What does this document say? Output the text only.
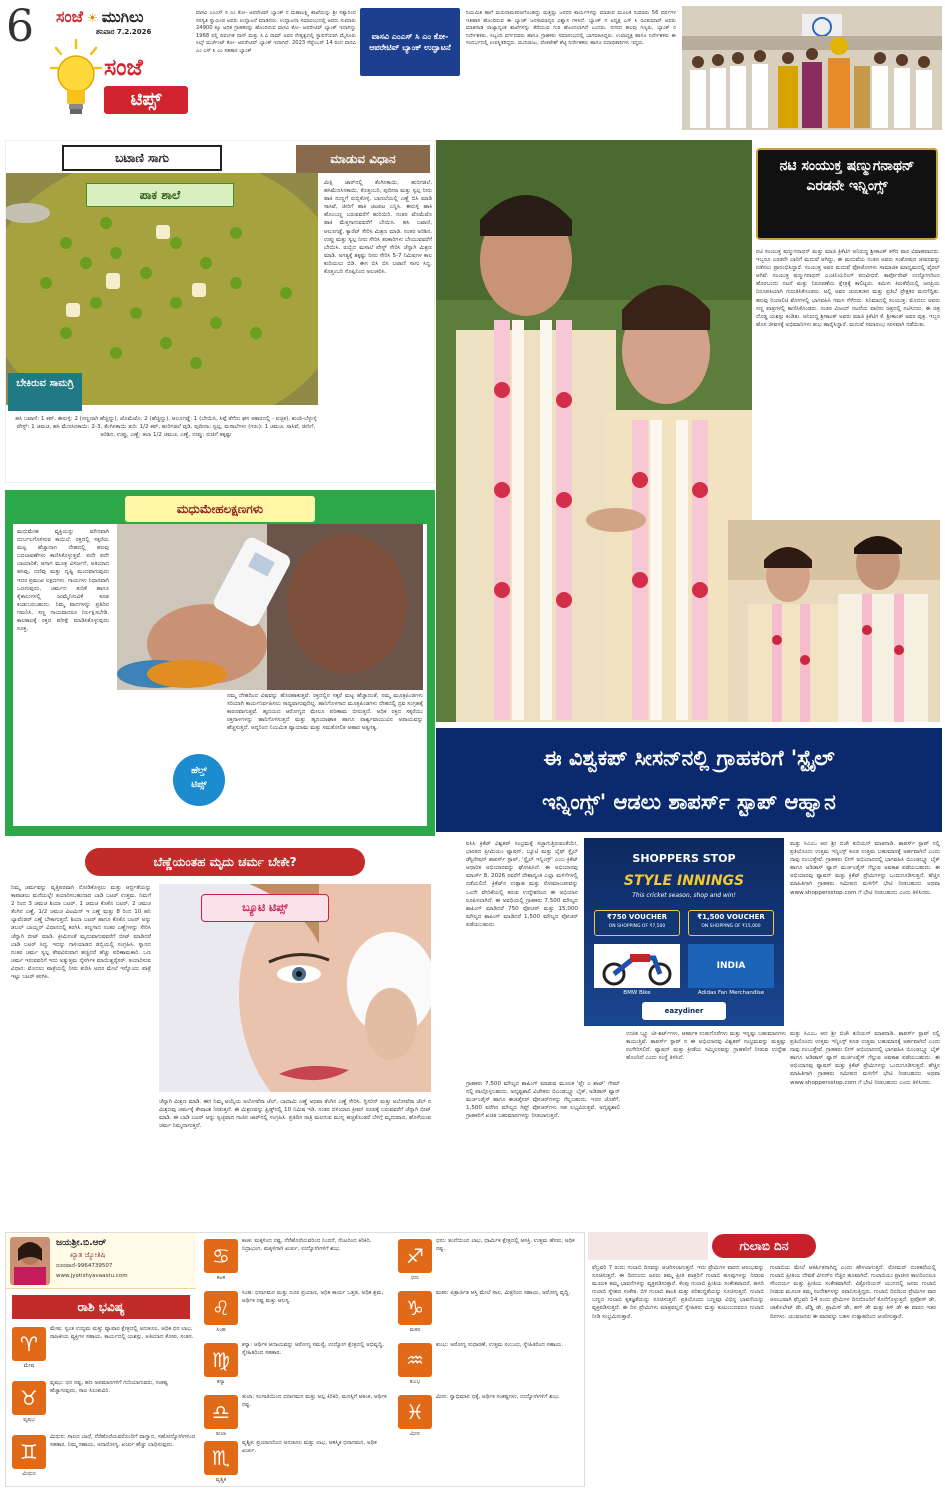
6 ಸಂಜೆ ☀ ಮುಗಿಲು
ಶನಿವಾರ 7.2.2026
ಸಂಜೆ
ಟಿಪ್ಸ್
ವಾಸವಿ ಎಂಎಸ್ ಸಿ ಎಂ ಕೋ- ಆಪರೇಟಿವ್ ಬ್ಯಾಂಕ್ ನ ಮಹಾಲಕ್ಷ್ಮಿ ಶಾಖೆಯನ್ನು ಶ್ರೀ ಸತ್ಯಾನಂದ ಸರಸ್ವತಿ ಸ್ವಾಮೀಜಿ ಅವರು ಉದ್ಘಾಟನೆ ಮಾಡಿದರು. ಉದ್ಘಾಟನಾ ಸಮಾರಂಭದಲ್ಲಿ ಆವರು ಸುಮಾರು 24900 ಕ್ಕೂ ಅಧಿಕ ಗ್ರಾಹಕರನ್ನು ಹೊಂದಿರುವ ವಾಸವಿ ಕೋ- ಆಪರೇಟಿವ್ ಬ್ಯಾಂಕ್ ಇದಾಗಿದ್ದು 1968 ರಲ್ಲಿ ದಿವಂಗತ ದಾಸ್ ಮತ್ತು ಸಿ.ವಿ ರಾಮ್ ಅವರ ನೇತೃತ್ವದಲ್ಲಿ ಸ್ಥಾಪನೆಯಾಗಿ ಮೈಸೂರು ಸಿಲ್ಕ್ ಮರ್ಚೆಂಟ್ ಕೋ- ಆಪರೇಟಿವ್ ಬ್ಯಾಂಕ್ ಇದಾಗಿದೆ. 2023 ಸೆಪ್ಟೆಂಬರ್ 14 ರಿಂದ ವಾಸವಿ ಎಂ ಎಸ್ ಸಿ ಎಂ ಸಹಕಾರ ಬ್ಯಾಂಕ್
ವಾಸವಿ ಎಂಎಸ್ ಸಿ ಎಂ ಕೋ- ಆಪರೇಟಿವ್ ಬ್ಯಾಂಕ್ ಉದ್ಘಾಟನೆ
ನಿಯಮಿತ ಹಾಗೆ ಮರುನಾಮಕರಣಗೊಂಡಿದ್ದು ಮತ್ತಷ್ಟು ಜನಪರ ಕಾರ್ಯಗಳನ್ನು ಮಾಡುವ ಮೂಲಕ ಸುಮಾರು 56 ವರ್ಷಗಳ ಇತಿಹಾಸ ಹೊಂದಿರುವ ಈ ಬ್ಯಾಂಕ್ ಜನಸಾಮಾನ್ಯರ ವಿಶ್ವಾಸ ಗಳಿಸಿದೆ. ಬ್ಯಾಂಕ್ ನ ಅಧ್ಯಕ್ಷ ಎಸ್ ಸಿ ರವಿಕುಮಾರ್ ಅವರು ಮಾತನಾಡಿ ರಾಜ್ಯಾದ್ಯಂತ ಶಾಖೆಗಳನ್ನು ತೆರೆಯುವ ಗುರಿ ಹೊಂದಲಾಗಿದೆ ಎಂದರು. ನಗರದ ಹಲವು ಗಣ್ಯರು, ಬ್ಯಾಂಕ್ ನ ನಿರ್ದೇಶಕರು, ಸಿಬ್ಬಂದಿ ವರ್ಗದವರು ಹಾಗೂ ಗ್ರಾಹಕರು ಸಮಾರಂಭದಲ್ಲಿ ಭಾಗವಹಿಸಿದ್ದರು. ಉಪಾಧ್ಯಕ್ಷ ಹಾಗೂ ನಿರ್ದೇಶಕರು ಈ ಸಂದರ್ಭದಲ್ಲಿ ಉಪಸ್ಥಿತರಿದ್ದರು. ಮುನಿರಾಜು, ವೆಂಕಟೇಶ್ ಶೆಟ್ಟಿ ನಿರ್ದೇಶಕರು ಹಾಗೂ ಪದಾಧಿಕಾರಿಗಳು ಇದ್ದರು.
ಬಟಾಣಿ ಸಾಗು	ಮಾಡುವ ವಿಧಾನ
ಪಾಕ ಶಾಲೆ
ಬೇಕಿರುವ ಸಾಮಗ್ರಿ
ಮಿಕ್ಸಿ ಜಾರ್‌ನಲ್ಲಿ ತೆಂಗಿನಕಾಯಿ, ಹುರಿಗಡಲೆ, ಹಸಿಮೆಣಸಿನಕಾಯಿ, ಕೊತ್ತಂಬರಿ, ಪುದೀನಾ ಮತ್ತು ಸ್ವಲ್ಪ ನೀರು ಹಾಕಿ ನುಣ್ಣಗೆ ರುಬ್ಬಿಕೊಳ್ಳಿ. ಬಾಣಲೆಯಲ್ಲಿ ಎಣ್ಣೆ ಬಿಸಿ ಮಾಡಿ ಸಾಸಿವೆ, ಜೀರಿಗೆ ಹಾಕಿ ಚಟಪಟ ಎನ್ನಿಸಿ. ಈರುಳ್ಳಿ ಹಾಕಿ ಹೊಂಬಣ್ಣ ಬರುವವರೆಗೆ ಹುರಿಯಿರಿ. ನಂತರ ಟೊಮೆಟೊ ಹಾಕಿ ಮೆತ್ತಗಾಗುವವರೆಗೆ ಬೇಯಿಸಿ. ಹಸಿ ಬಟಾಣಿ, ಆಲೂಗಡ್ಡೆ, ಕ್ಯಾರೆಟ್ ಸೇರಿಸಿ ಮಿಶ್ರಣ ಮಾಡಿ. ನಂತರ ಅರಿಶಿನ, ಉಪ್ಪು ಮತ್ತು ಸ್ವಲ್ಪ ನೀರು ಸೇರಿಸಿ ತರಕಾರಿಗಳು ಬೇಯುವವರೆಗೆ ಬೇಯಿಸಿ. ರುಬ್ಬಿದ ಮಸಾಲೆ ಪೇಸ್ಟ್ ಸೇರಿಸಿ ಚೆನ್ನಾಗಿ ಮಿಶ್ರಣ ಮಾಡಿ. ಅಗತ್ಯಕ್ಕೆ ತಕ್ಕಷ್ಟು ನೀರು ಸೇರಿಸಿ 5-7 ನಿಮಿಷಗಳ ಕಾಲ ಕುದಿಯಲು ಬಿಡಿ. ಈಗ ಬಿಸಿ ಬಿಸಿ ಬಟಾಣಿ ಸಾಗು ಸಿದ್ಧ. ಕೊತ್ತಂಬರಿ ಸೊಪ್ಪಿನಿಂದ ಅಲಂಕರಿಸಿ.
ಹಸಿ ಬಟಾಣಿ: 1 ಕಪ್, ಈರುಳ್ಳಿ: 2 (ಸಣ್ಣದಾಗಿ ಹೆಚ್ಚಿದ್ದು), ಟೊಮೆಟೊ: 2 (ಹೆಚ್ಚಿದ್ದು), ಆಲೂಗಡ್ಡೆ: 1 (ಬೇಯಿಸಿ, ಸಿಪ್ಪೆ ತೆಗೆದು ಘನ ಆಕಾರದಲ್ಲಿ - ಐಚ್ಛಿಕ), ಶುಂಠಿ-ಬೆಳ್ಳುಳ್ಳಿ ಪೇಸ್ಟ್: 1 ಚಮಚ, ಹಸಿ ಮೆಣಸಿನಕಾಯಿ: 2-3, ತೆಂಗಿನಕಾಯಿ ತುರಿ: 1/2 ಕಪ್, ಹುರಿಗಡಲೆ ಪುಡಿ, ಪುದೀನಾ: ಸ್ವಲ್ಪ, ಮಸಾಲೆಗಳು (ಗರಂ): 1 ಚಮಚ, ಸಾಸಿವೆ, ಜೀರಿಗೆ, ಅರಿಶಿನ, ಉಪ್ಪು, ಎಣ್ಣೆ: ತಲಾ 1/2 ಚಮಚ, ಎಣ್ಣೆ, ಉಪ್ಪು: ರುಚಿಗೆ ತಕ್ಕಷ್ಟು
ಮಧುಮೇಹ ವ್ಯಕ್ತಿಯನ್ನು ಮೌನವಾಗಿ ದುರ್ಬಲಗೊಳಿಸುವ ಕಾಯಿಲೆ. ರಕ್ತದಲ್ಲಿ ಸಕ್ಕರೆಯ ಮಟ್ಟ ಹೆಚ್ಚಾದಾಗ ದೇಹದಲ್ಲಿ ಹಲವು ಬದಲಾವಣೆಗಳು ಕಾಣಿಸಿಕೊಳ್ಳುತ್ತವೆ. ಪದೇ ಪದೇ ಬಾಯಾರಿಕೆ, ಆಗಾಗ ಮೂತ್ರ ವಿಸರ್ಜನೆ, ಅತಿಯಾದ ಹಸಿವು, ದಣಿವು ಮತ್ತು ದೃಷ್ಟಿ ಮಂದವಾಗುವುದು ಇದರ ಪ್ರಮುಖ ಲಕ್ಷಣಗಳು. ಗಾಯಗಳು ನಿಧಾನವಾಗಿ ಒಣಗುವುದು, ಚರ್ಮದ ತುರಿಕೆ ಹಾಗೂ ಕೈಕಾಲುಗಳಲ್ಲಿ ಜುಮ್ಮೆನಿಸುವಿಕೆ ಕೂಡ ಕಂಡುಬರಬಹುದು. ನಿಮ್ಮ ಪಾದಗಳನ್ನು ಪ್ರತಿದಿನ ಗಮನಿಸಿ. ಸಣ್ಣ ಗಾಯವಾದರೂ ನಿರ್ಲಕ್ಷಿಸಬೇಡಿ. ಕಾಲಕಾಲಕ್ಕೆ ರಕ್ತದ ಪರೀಕ್ಷೆ ಮಾಡಿಸಿಕೊಳ್ಳುವುದು ಸೂಕ್ತ.
ನಮ್ಮ ದೇಹದಿಂದ ವಿಷವನ್ನು ಹೊರಹಾಕುತ್ತವೆ. ರಕ್ತದಲ್ಲಿನ ಸಕ್ಕರೆ ಮಟ್ಟ ಹೆಚ್ಚಾದಂತೆ, ನಮ್ಮ ಮೂತ್ರಪಿಂಡಗಳು ಸರಿಯಾಗಿ ಕಾರ್ಯನಿರ್ವಹಿಸಲು ಸಾಧ್ಯವಾಗುವುದಿಲ್ಲ. ಹಾನಿಗೊಳಗಾದ ಮೂತ್ರಪಿಂಡಗಳು ದೇಹದಲ್ಲಿ ದ್ರವ ಸಂಗ್ರಹಕ್ಕೆ ಕಾರಣವಾಗುತ್ತವೆ. ಹೃದಯದ ಆರೋಗ್ಯದ ಮೇಲೂ ಪರಿಣಾಮ ಬೀರುತ್ತದೆ. ಅಧಿಕ ರಕ್ತದ ಸಕ್ಕರೆಯು ರಕ್ತನಾಳಗಳನ್ನು ಹಾನಿಗೊಳಿಸುತ್ತದೆ ಮತ್ತು ಹೃದಯಾಘಾತ ಹಾಗೂ ಪಾರ್ಶ್ವವಾಯುವಿನ ಅಪಾಯವನ್ನು ಹೆಚ್ಚಿಸುತ್ತದೆ. ಆದ್ದರಿಂದ ನಿಯಮಿತ ವ್ಯಾಯಾಮ ಮತ್ತು ಸಮತೋಲಿತ ಆಹಾರ ಅತ್ಯಗತ್ಯ.
ಹೆಲ್ತ್
ಟಿಪ್ಸ್
ಮಧುಮೇಹಲಕ್ಷಣಗಳು
ಬೆಣ್ಣೆಯಂತಹ ಮೃದು ಚರ್ಮ ಬೇಕೇ?
ನಿಮ್ಮ ಚರ್ಮವನ್ನು ವೃತ್ತಿಪರವಾಗಿ ನೋಡಿಕೊಳ್ಳಲು ಮತ್ತು ಆರ್ಧ್ರತೆಯನ್ನು ಕಾಪಾಡಲು ಮನೆಯಲ್ಲೇ ತಯಾರಿಸಬಹುದಾದ ಬಾಡಿ ಬಟರ್ ಉತ್ತಮ. ನಿಮಗೆ 2 ರಿಂದ 3 ಚಮಚ ಶಿಯಾ ಬಟರ್, 1 ಚಮಚ ಕೊಕೊ ಬಟರ್, 2 ಚಮಚ ತೆಂಗಿನ ಎಣ್ಣೆ, 1/2 ಚಮಚ ವಿಟಮಿನ್ ಇ ಎಣ್ಣೆ ಮತ್ತು 8 ರಿಂದ 10 ಹನಿ ಲ್ಯಾವೆಂಡರ್ ಎಣ್ಣೆ ಬೇಕಾಗುತ್ತದೆ. ಶಿಯಾ ಬಟರ್ ಹಾಗೂ ಕೊಕೊ ಬಟರ್ ಅನ್ನು ಡಬಲ್ ಬಾಯ್ಲರ್ ವಿಧಾನದಲ್ಲಿ ಕರಗಿಸಿ. ತಣ್ಣಗಾದ ನಂತರ ಎಣ್ಣೆಗಳನ್ನು ಸೇರಿಸಿ ಚೆನ್ನಾಗಿ ಬೀಟ್ ಮಾಡಿ. ಕ್ರೀಮಿನಂತೆ ಮೃದುವಾಗುವವರೆಗೆ ಬೀಟ್ ಮಾಡಿದರೆ ಬಾಡಿ ಬಟರ್ ಸಿದ್ಧ. ಇದನ್ನು ಗಾಳಿಯಾಡದ ಡಬ್ಬಿಯಲ್ಲಿ ಸಂಗ್ರಹಿಸಿ. ಸ್ನಾನದ ನಂತರ ಚರ್ಮ ಸ್ವಲ್ಪ ತೇವವಿರುವಾಗ ಹಚ್ಚಿದರೆ ಹೆಚ್ಚು ಪರಿಣಾಮಕಾರಿ. ಒಣ ಚರ್ಮ ಇರುವವರಿಗೆ ಇದು ಅತ್ಯುತ್ತಮ ನೈಸರ್ಗಿಕ ಮಾಯಿಶ್ಚರೈಸರ್. ತಯಾರಿಸುವ ವಿಧಾನ: ಮೊದಲು ಪಾತ್ರೆಯಲ್ಲಿ ನೀರು ಕುದಿಸಿ ಅದರ ಮೇಲೆ ಇನ್ನೊಂದು ಪಾತ್ರೆ ಇಟ್ಟು ಬಟರ್ ಕರಗಿಸಿ.
ಬ್ಯೂಟಿ ಟಿಪ್ಸ್
ಚೆನ್ನಾಗಿ ಮಿಶ್ರಣ ಮಾಡಿ. ಈಗ ನಿಮ್ಮ ಆಯ್ಕೆಯ ಅಲೋವೆರಾ ಜೆಲ್, ಬಾದಾಮಿ ಎಣ್ಣೆ ಅಥವಾ ತೆಂಗಿನ ಎಣ್ಣೆ ಸೇರಿಸಿ. ಗ್ಲಿಸರಿನ್ ಮತ್ತು ಅಲೋವೆರಾ ಜೆಲ್ ನ ಮಿಶ್ರಣವು ಚರ್ಮಕ್ಕೆ ತೇವಾಂಶ ನೀಡುತ್ತದೆ. ಈ ಮಿಶ್ರಣವನ್ನು ಫ್ರಿಡ್ಜ್‌ನಲ್ಲಿ 10 ನಿಮಿಷ ಇಡಿ. ನಂತರ ಬಿಳಿಯಾದ ಕ್ರೀಮ್ ರೂಪಕ್ಕೆ ಬರುವವರೆಗೆ ಚೆನ್ನಾಗಿ ಬೀಟ್ ಮಾಡಿ. ಈ ಬಾಡಿ ಬಟರ್ ಅನ್ನು ಸ್ವಚ್ಛವಾದ ಗಾಜಿನ ಜಾರ್‌ನಲ್ಲಿ ಸಂಗ್ರಹಿಸಿ. ಪ್ರತಿದಿನ ರಾತ್ರಿ ಮಲಗುವ ಮುನ್ನ ಹಚ್ಚಿಕೊಂಡರೆ ಬೆಳಿಗ್ಗೆ ಮೃದುವಾದ, ಹೊಳೆಯುವ ಚರ್ಮ ನಿಮ್ಮದಾಗುತ್ತದೆ.
ನಟಿ ಸಂಯುಕ್ತ ಷಣ್ಮುಗನಾಥನ್ ಎರಡನೇ ಇನ್ನಿಂಗ್ಸ್
ನಟಿ ಸಂಯುಕ್ತ ಷಣ್ಮುಗನಾಥನ್ ಮತ್ತು ಮಾಜಿ ಕ್ರಿಕೆಟಿಗ ಅನಿರುದ್ಧ ಶ್ರೀಕಾಂತ್ ಕಳೆದ ವಾರ ವಿವಾಹವಾದರು. ಇಬ್ಬರೂ ಎರಡನೇ ಬಾರಿಗೆ ಮದುವೆ ಆಗಿದ್ದು, ಈ ಮದುವೆಯ ನಂತರ ಅವರು ಸಂತೋಷದ ಜೀವನವನ್ನು ನಡೆಸಲು ಪ್ರಾರಂಭಿಸಿದ್ದಾರೆ. ಸಂಯುಕ್ತ ಅವರ ಮದುವೆ ಫೋಟೋಗಳು ಸಾಮಾಜಿಕ ಮಾಧ್ಯಮದಲ್ಲಿ ವೈರಲ್ ಆಗಿವೆ. ಸಂಯುಕ್ತ ಷಣ್ಮುಗನಾಥನ್ ಎಂಜಿನಿಯರಿಂಗ್ ಪದವೀಧರೆ. ಕಾರ್ಪೊರೇಟ್ ಉದ್ಯೋಗದಿಂದ ಹೊರಬಂದು ನಟನೆ ಮತ್ತು ನಿರೂಪಣೆಯ ಕ್ಷೇತ್ರಕ್ಕೆ ಕಾಲಿಟ್ಟರು. ತಮಿಳು ಕಿರುತೆರೆಯಲ್ಲಿ ಜನಪ್ರಿಯ ನಿರೂಪಕಿಯಾಗಿ ಗುರುತಿಸಿಕೊಂಡರು. ಅಲ್ಲಿ ಅವರ ಚುರುಕುತನ ಮತ್ತು ಪ್ರತಿಭೆ ಪ್ರೇಕ್ಷಕರ ಮನಗೆದ್ದಿತು. ಹಲವು ರಿಯಾಲಿಟಿ ಶೋಗಳಲ್ಲಿ ಭಾಗವಹಿಸಿ ಗಮನ ಸೆಳೆದರು. ಸಿನಿಮಾದಲ್ಲಿ ಸಂಯುಕ್ತ: ಮೊದಲು ಅವರು ಸಣ್ಣ ಪಾತ್ರಗಳಲ್ಲಿ ಕಾಣಿಸಿಕೊಂಡರು. ನಂತರ ವಿಜಯ್ ನಟನೆಯ ವಾರಿಸು ಚಿತ್ರದಲ್ಲಿ ನಟಿಸಿದರು. ಈ ಚಿತ್ರ ದೊಡ್ಡ ಯಶಸ್ಸು ಕಂಡಿತು. ಅನಿರುದ್ಧ ಶ್ರೀಕಾಂತ್ ಅವರು ಮಾಜಿ ಕ್ರಿಕೆಟಿಗ ಕೆ. ಶ್ರೀಕಾಂತ್ ಅವರ ಪುತ್ರ. ಇಬ್ಬರ ಹೊಸ ಜೀವನಕ್ಕೆ ಅಭಿಮಾನಿಗಳು ಶುಭ ಹಾರೈಸಿದ್ದಾರೆ. ಮದುವೆ ಸಮಾರಂಭ ಸರಳವಾಗಿ ನಡೆಯಿತು.
ಈ ವಿಶ್ವಕಪ್ ಸೀಸನ್‌ನಲ್ಲಿ ಗ್ರಾಹಕರಿಗೆ 'ಸ್ಟೈಲ್
ಇನ್ನಿಂಗ್ಸ್' ಆಡಲು ಶಾಪರ್ಸ್ ಸ್ಟಾಪ್ ಆಹ್ವಾನ
ಐಸಿಸಿ ಕ್ರಿಕೆಟ್ ವಿಶ್ವಕಪ್ ಸಂಭ್ರಮಕ್ಕೆ ಸಜ್ಜಾಗುತ್ತಿರುವಂತೆಯೇ, ಭಾರತದ ಪ್ರೀಮಿಯಂ ಫ್ಯಾಷನ್, ಬ್ಯೂಟಿ ಮತ್ತು ಲೈಫ್ ಸ್ಟೈಲ್ ಡೆಸ್ಟಿನೇಷನ್ ಶಾಪರ್ಸ್ ಸ್ಟಾಪ್, 'ಸ್ಟೈಲ್ ಇನ್ನಿಂಗ್ಸ್' ಎಂಬ ಕ್ರಿಕೆಟ್ ಆಧಾರಿತ ಅಭಿಯಾನವನ್ನು ಘೋಷಿಸಿದೆ. ಈ ಅಭಿಯಾನವು ಮಾರ್ಚ್ 8, 2026 ರವರೆಗೆ ದೇಶಾದ್ಯಂತ ಎಲ್ಲಾ ಮಳಿಗೆಗಳಲ್ಲಿ ನಡೆಯಲಿದೆ. ಕ್ರಿಕೆಟ್‌ನ ಉತ್ಸಾಹ ಮತ್ತು ರೋಮಾಂಚನವನ್ನು ಒಂದೇ ವೇದಿಕೆಯಲ್ಲಿ ತರುವ ಉದ್ದೇಶದಿಂದ ಈ ಅಭಿಯಾನ ರೂಪಿಸಲಾಗಿದೆ. ಈ ಅವಧಿಯಲ್ಲಿ ಗ್ರಾಹಕರು 7,500 ಮೌಲ್ಯದ ಶಾಪಿಂಗ್ ಮಾಡಿದರೆ 750 ವೋಚರ್ ಮತ್ತು 15,000 ಮೌಲ್ಯದ ಶಾಪಿಂಗ್ ಮಾಡಿದರೆ 1,500 ಮೌಲ್ಯದ ವೋಚರ್ ಪಡೆಯಬಹುದು.
SHOPPERS STOP
STYLE INNINGS
This cricket season, shop and win!
₹750 VOUCHER
ON SHOPPING OF ₹7,500
₹1,500 VOUCHER
ON SHOPPING OF ₹15,000
BMW Bike
INDIA
Adidas Fan Merchandise
eazydiner
ಮತ್ತು ಸಿಎಂಒ ಆದ ಶ್ರೀ ಬಿಜೌ ಕುರಿಯನ್ ಮಾತನಾಡಿ, ಶಾಪರ್ಸ್ ಸ್ಟಾಪ್ ನಲ್ಲಿ ಪ್ರತಿಯೊಂದು ಉತ್ತಮ ಇನ್ನಿಂಗ್ಸ್ ಕೂಡ ಉತ್ತಮ ಬಹುಮಾನಕ್ಕೆ ಅರ್ಹವಾಗಿದೆ ಎಂದು ನಾವು ನಂಬುತ್ತೇವೆ. ಗ್ರಾಹಕರು ಲೀಗ್ ಅಭಿಯಾನದಲ್ಲಿ ಭಾಗವಹಿಸಿ ಬಿಎಂಡಬ್ಲ್ಯೂ ಬೈಕ್ ಹಾಗೂ ಅಡಿಡಾಸ್ ಫ್ಯಾನ್ ಮರ್ಚಂಡೈಸ್ ಗೆಲ್ಲುವ ಅವಕಾಶ ಪಡೆಯಬಹುದು. ಈ ಅಭಿಯಾನವು ಫ್ಯಾಷನ್ ಮತ್ತು ಕ್ರಿಕೆಟ್ ಪ್ರೇಮಿಗಳನ್ನು ಒಂದುಗೂಡಿಸುತ್ತದೆ. ಹೆಚ್ಚಿನ ಮಾಹಿತಿಗಾಗಿ ಗ್ರಾಹಕರು ಸಮೀಪದ ಮಳಿಗೆಗೆ ಭೇಟಿ ನೀಡಬಹುದು ಅಥವಾ www.shoppersstop.com ಗೆ ಭೇಟಿ ನೀಡಬಹುದು ಎಂದು ತಿಳಿಸಿದರು.
ಗ್ರಾಹಕರು 7,500 ಮೌಲ್ಯದ ಶಾಪಿಂಗ್ ಮಾಡುವ ಮೂಲಕ 'ಪ್ಲೇ ಎ ಶಾಟ್' ಗೇಮ್ ನಲ್ಲಿ ಪಾಲ್ಗೊಳ್ಳಬಹುದು. ಅದೃಷ್ಟಶಾಲಿ ವಿಜೇತರು ಬಿಎಂಡಬ್ಲ್ಯೂ ಬೈಕ್, ಅಡಿಡಾಸ್ ಫ್ಯಾನ್ ಮರ್ಚಂಡೈಸ್ ಹಾಗೂ ಈಜಿಡೈನರ್ ವೋಚರ್‌ಗಳನ್ನು ಗೆಲ್ಲಬಹುದು. ಇದರ ಜೊತೆಗೆ, 1,500 ವರೆಗಿನ ಮೌಲ್ಯದ ಗಿಫ್ಟ್ ವೋಚರ್‌ಗಳು ಸಹ ಲಭ್ಯವಿರುತ್ತವೆ. ಅದೃಷ್ಟಶಾಲಿ ಗ್ರಾಹಕರಿಗೆ ಖಚಿತ ಬಹುಮಾನಗಳನ್ನು ನೀಡಲಾಗುತ್ತದೆ.
ಉಚಿತ ಬ್ಲ್ಯೂ ಟೀ-ಶರ್ಟ್‌ಗಳು, ಆಕರ್ಷಕ ಉಡುಗೊರೆಗಳು ಮತ್ತು ಇನ್ನಷ್ಟು ಬಹುಮಾನಗಳು ಕಾಯುತ್ತಿವೆ. ಶಾಪರ್ಸ್ ಸ್ಟಾಪ್ ನ ಈ ಅಭಿಯಾನವು ವಿಶ್ವಕಪ್ ಸಂಭ್ರಮವನ್ನು ಮತ್ತಷ್ಟು ರಂಗೇರಿಸಲಿದೆ. ಫ್ಯಾಷನ್ ಮತ್ತು ಕ್ರೀಡೆಯ ಸಮ್ಮಿಲನವನ್ನು ಗ್ರಾಹಕರಿಗೆ ನೀಡುವ ಉದ್ದೇಶ ಹೊಂದಿದೆ ಎಂದು ಸಂಸ್ಥೆ ತಿಳಿಸಿದೆ.
ಮತ್ತು ಸಿಎಂಒ ಆದ ಶ್ರೀ ಬಿಜೌ ಕುರಿಯನ್ ಮಾತನಾಡಿ, ಶಾಪರ್ಸ್ ಸ್ಟಾಪ್ ನಲ್ಲಿ ಪ್ರತಿಯೊಂದು ಉತ್ತಮ ಇನ್ನಿಂಗ್ಸ್ ಕೂಡ ಉತ್ತಮ ಬಹುಮಾನಕ್ಕೆ ಅರ್ಹವಾಗಿದೆ ಎಂದು ನಾವು ನಂಬುತ್ತೇವೆ. ಗ್ರಾಹಕರು ಲೀಗ್ ಅಭಿಯಾನದಲ್ಲಿ ಭಾಗವಹಿಸಿ ಬಿಎಂಡಬ್ಲ್ಯೂ ಬೈಕ್ ಹಾಗೂ ಅಡಿಡಾಸ್ ಫ್ಯಾನ್ ಮರ್ಚಂಡೈಸ್ ಗೆಲ್ಲುವ ಅವಕಾಶ ಪಡೆಯಬಹುದು. ಈ ಅಭಿಯಾನವು ಫ್ಯಾಷನ್ ಮತ್ತು ಕ್ರಿಕೆಟ್ ಪ್ರೇಮಿಗಳನ್ನು ಒಂದುಗೂಡಿಸುತ್ತದೆ. ಹೆಚ್ಚಿನ ಮಾಹಿತಿಗಾಗಿ ಗ್ರಾಹಕರು ಸಮೀಪದ ಮಳಿಗೆಗೆ ಭೇಟಿ ನೀಡಬಹುದು ಅಥವಾ www.shoppersstop.com ಗೆ ಭೇಟಿ ನೀಡಬಹುದು ಎಂದು ತಿಳಿಸಿದರು.
ಜಯಶ್ರೀ.ಬಿ.ಆರ್
ಖ್ಯಾತ ಜ್ಯೋತಿಷಿ
ದೂರವಾಣಿ-9964739507
www.jyotishyavaastu.com
ರಾಶಿ ಭವಿಷ್ಯ
♈
ಮೇಷ
ಮೇಷ: ಸ್ವಂತ ಉದ್ಯಮ ಮತ್ತು ವ್ಯಾಪಾರ ಕ್ಷೇತ್ರದಲ್ಲಿ ಅನುಕೂಲ, ಆಧಿಕ ಧನ ಲಾಭ, ರಾಜಕೀಯ ವ್ಯಕ್ತಿಗಳ ಸಹಾಯ, ಕಾರ್ಯದಲ್ಲಿ ಯಶಸ್ಸು, ಅತಿಯಾದ ಕೋಪ, ಸಂತಸ.
♉
ವೃಷಭ
ವೃಷಭ: ಧನ ನಷ್ಟ, ಹಣ ಅಪಮಾನಗಳಿಗೆ ಗುರಿಯಾಗುವರು, ಸಂಕಷ್ಟ ಹೆಚ್ಚಾಗುವುದು, ಸಾಲ ಸಿಲುಕುವಿರಿ.
♊
ಮಿಥುನ
ಮಿಥುನ: ಸಾಲದ ಬಾಧೆ, ನೆರೆಹೊರೆಯವರೊಂದಿಗೆ ವಾಗ್ವಾದ, ಸಹೋದ್ಯೋಗಿಗಳಿಂದ ಸಹಕಾರ, ನಿಮ್ಮ ಸಹಾಯ, ಅನಾರೋಗ್ಯ, ಖರ್ಚು ಹೆಚ್ಚು ಬಾಧಿಸುವುದು.
♋
ಕಟಕ
ಕಟಕ: ಮಕ್ಕಳಿಂದ ನಷ್ಟ, ನೆರೆಹೊರೆಯವರಿಂದ ನಿಂದನೆ, ನೆಂಟರಿಂದ ಕಿರಿಕಿರಿ, ನಿದ್ರಾಭಂಗ, ಮಕ್ಕಳಿಗಾಗಿ ಖರ್ಚು, ಉದ್ಯೋಗಿಗಳಿಗೆ ಶುಭ.
♌
ಸಿಂಹ
ಸಿಂಹ: ಧನಾಗಮನ ಮತ್ತು ದೂರ ಪ್ರಯಾಣ, ಅಧಿಕ ಕಾರ್ಯ ಒತ್ತಡ, ಅಧಿಕ ಶ್ರಮ, ಆರ್ಥಿಕ ನಷ್ಟ ಮತ್ತು ಆಲಸ್ಯ.
♍
ಕನ್ಯಾ
ಕನ್ಯಾ: ಆರ್ಥಿಕ ಆದಾಯವನ್ನು ಆರೋಗ್ಯ ಸಮಸ್ಯೆ, ಉದ್ಯೋಗ ಕ್ಷೇತ್ರದಲ್ಲಿ ಅಭಿವೃದ್ಧಿ, ಸ್ನೇಹಿತರಿಂದ ಸಹಕಾರ.
♎
ತುಲಾ
ತುಲಾ: ಸಂಗಾತಿಯಿಂದ ಧನಾಗಮನ ಮತ್ತು ಅಲ್ಪ ಕಿರಿಕಿರಿ, ಮನಸ್ಸಿಗೆ ಆತಂಕ, ಆರ್ಥಿಕ ನಷ್ಟ.
♏
ವೃಶ್ಚಿಕ
ವೃಶ್ಚಿಕ: ಪ್ರಯಾಣದಿಂದ ಅನುಕೂಲ ಮತ್ತು ಲಾಭ, ಆಕಸ್ಮಿಕ ಧನಾಗಮನ, ಅಧಿಕ ಖರ್ಚು.
♐
ಧನು
ಧನು: ತಂದೆಯಿಂದ ಲಾಭ, ಧಾರ್ಮಿಕ ಕ್ಷೇತ್ರದಲ್ಲಿ ಆಸಕ್ತಿ, ಉತ್ತಮ ಹೆಸರು, ಅಧಿಕ ನಷ್ಟ.
♑
ಮಕರ
ಮಕರ: ಪಿತ್ರಾರ್ಜಿತ ಆಸ್ತಿ ಮೇಲೆ ಸಾಲ, ಮಿತ್ರರಿಂದ ಸಹಾಯ, ಆರೋಗ್ಯ ವೃದ್ಧಿ.
♒
ಕುಂಭ
ಕುಂಭ: ಆರೋಗ್ಯ ಸುಧಾರಣೆ, ಉತ್ತಮ ಸಂಬಂಧ, ಸ್ನೇಹಿತರಿಂದ ಸಹಾಯ.
♓
ಮೀನ
ಮೀನ: ಸ್ವಾಭಿಮಾನ ಧಕ್ಕೆ, ಆರ್ಥಿಕ ಸಂಕಷ್ಟಗಳು, ಉದ್ಯೋಗಿಗಳಿಗೆ ಶುಭ.
ಗುಲಾಬಿ ದಿನ
ಫೆಬ್ರವರಿ 7 ರಂದು ಗುಲಾಬಿ ದಿನವನ್ನು ಆಚರಿಸಲಾಗುತ್ತದೆ. ಇದು ಪ್ರೇಮಿಗಳ ವಾರದ ಆರಂಭವನ್ನು ಸೂಚಿಸುತ್ತದೆ. ಈ ದಿನದಂದು ಜನರು ತಮ್ಮ ಪ್ರೀತಿ ಪಾತ್ರರಿಗೆ ಗುಲಾಬಿ ಹೂವುಗಳನ್ನು ನೀಡುವ ಮೂಲಕ ತಮ್ಮ ಭಾವನೆಗಳನ್ನು ವ್ಯಕ್ತಪಡಿಸುತ್ತಾರೆ. ಕೆಂಪು ಗುಲಾಬಿ ಪ್ರೀತಿಯ ಸಂಕೇತವಾದರೆ, ಹಳದಿ ಗುಲಾಬಿ ಸ್ನೇಹದ ಸಂಕೇತ. ಬಿಳಿ ಗುಲಾಬಿ ಶಾಂತಿ ಮತ್ತು ಪರಿಶುದ್ಧತೆಯನ್ನು ಸೂಚಿಸುತ್ತದೆ. ಗುಲಾಬಿ ಬಣ್ಣದ ಗುಲಾಬಿ ಕೃತಜ್ಞತೆಯನ್ನು ಸೂಚಿಸುತ್ತದೆ. ಪ್ರತಿಯೊಂದು ಬಣ್ಣವೂ ವಿಭಿನ್ನ ಭಾವನೆಯನ್ನು ವ್ಯಕ್ತಪಡಿಸುತ್ತದೆ. ಈ ದಿನ ಪ್ರೇಮಿಗಳು ಮಾತ್ರವಲ್ಲದೆ ಸ್ನೇಹಿತರು ಮತ್ತು ಕುಟುಂಬದವರೂ ಗುಲಾಬಿ ನೀಡಿ ಸಂಭ್ರಮಿಸುತ್ತಾರೆ.
ಗುಲಾಬಿಯ ಮೇಲೆ ಆಕರ್ಷಿತನಾಗಿದ್ದ ಎಂದು ಹೇಳಲಾಗುತ್ತದೆ. ರೋಮನ್ ದಂತಕಥೆಯಲ್ಲಿ ಗುಲಾಬಿ ಪ್ರೀತಿಯ ದೇವತೆ ವೀನಸ್‌ನ ನೆಚ್ಚಿನ ಹೂವಾಗಿದೆ. ಗುಲಾಬಿಯು ಪ್ರಾಚೀನ ಕಾಲದಿಂದಲೂ ಸೌಂದರ್ಯ ಮತ್ತು ಪ್ರೀತಿಯ ಸಂಕೇತವಾಗಿದೆ. ವಿಕ್ಟೋರಿಯನ್ ಯುಗದಲ್ಲಿ ಜನರು ಗುಲಾಬಿ ನೀಡುವ ಮೂಲಕ ತಮ್ಮ ಸಂದೇಶಗಳನ್ನು ರವಾನಿಸುತ್ತಿದ್ದರು. ಗುಲಾಬಿ ದಿನದಿಂದ ಪ್ರೇಮಿಗಳ ವಾರ ಆರಂಭವಾಗಿ ಫೆಬ್ರವರಿ 14 ರಂದು ಪ್ರೇಮಿಗಳ ದಿನದೊಂದಿಗೆ ಕೊನೆಗೊಳ್ಳುತ್ತದೆ. ಪ್ರಪೋಸ್ ಡೇ, ಚಾಕೊಲೇಟ್ ಡೇ, ಟೆಡ್ಡಿ ಡೇ, ಪ್ರಾಮಿಸ್ ಡೇ, ಹಗ್ ಡೇ ಮತ್ತು ಕಿಸ್ ಡೇ ಈ ವಾರದ ಇತರ ದಿನಗಳು. ಯುವಜನರು ಈ ವಾರವನ್ನು ಬಹಳ ಉತ್ಸಾಹದಿಂದ ಆಚರಿಸುತ್ತಾರೆ.
